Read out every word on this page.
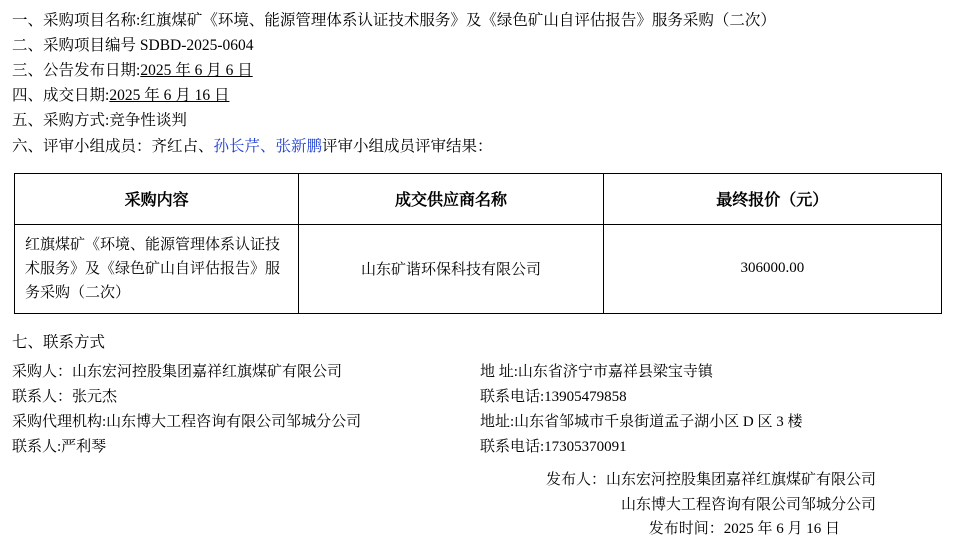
一、采购项目名称:红旗煤矿《环境、能源管理体系认证技术服务》及《绿色矿山自评估报告》服务采购（二次）
二、采购项目编号 SDBD-2025-0604
三、公告发布日期:2025 年 6 月 6 日
四、成交日期:2025 年 6 月 16 日
五、采购方式:竞争性谈判
六、评审小组成员：齐红占、孙长芹、张新鹏评审小组成员评审结果：
采购内容	成交供应商名称	最终报价（元）
红旗煤矿《环境、能源管理体系认证技术服务》及《绿色矿山自评估报告》服务采购（二次）	山东矿谐环保科技有限公司	306000.00
七、联系方式
采购人：山东宏河控股集团嘉祥红旗煤矿有限公司	地 址:山东省济宁市嘉祥县梁宝寺镇
联系人：张元杰	联系电话:13905479858
采购代理机构:山东博大工程咨询有限公司邹城分公司	地址:山东省邹城市千泉街道孟子湖小区 D 区 3 楼
联系人:严利琴	联系电话:17305370091
发布人：山东宏河控股集团嘉祥红旗煤矿有限公司
山东博大工程咨询有限公司邹城分公司
发布时间：2025 年 6 月 16 日
